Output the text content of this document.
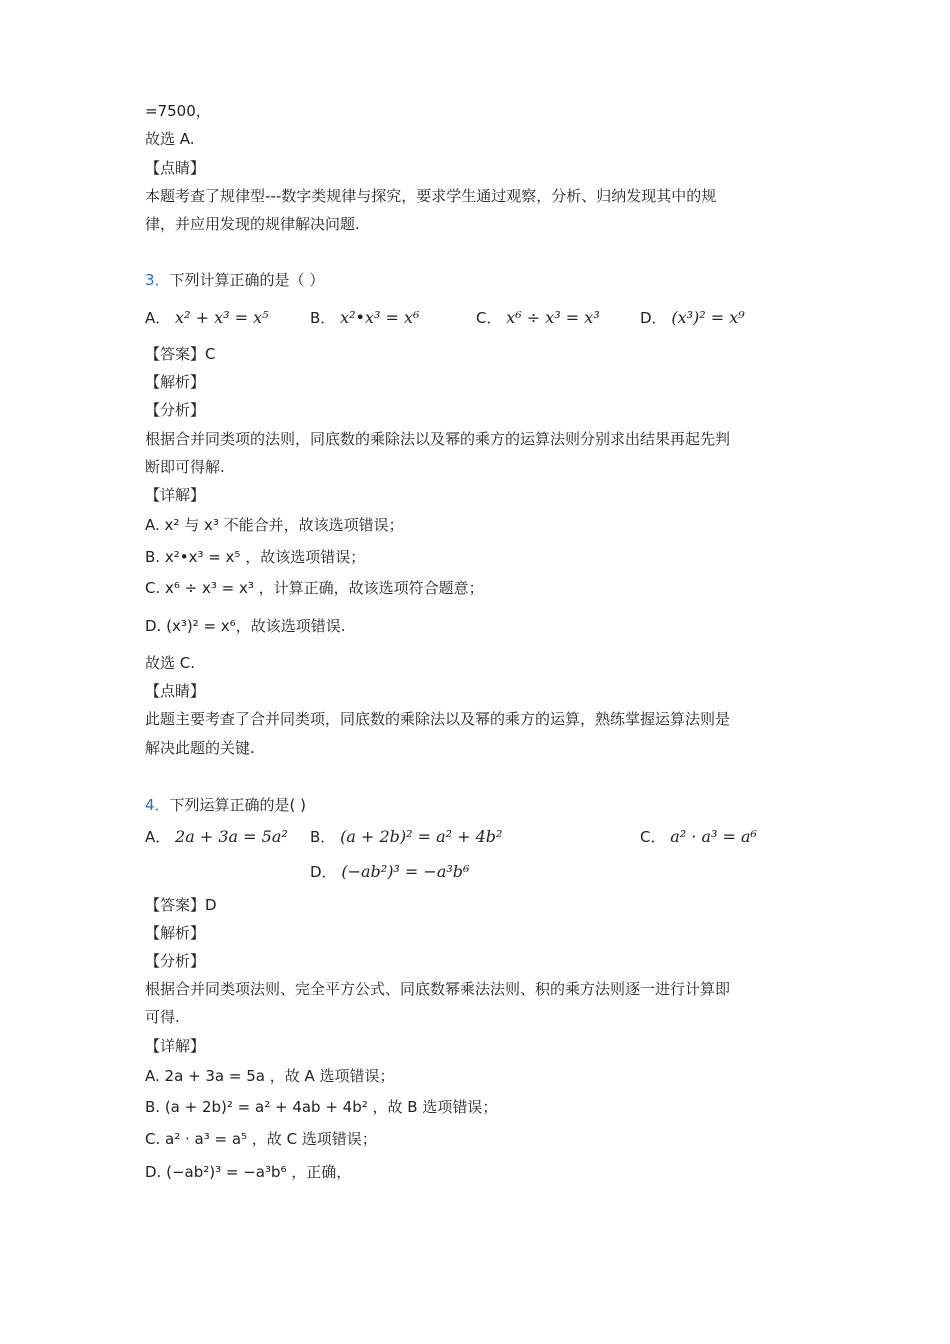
=7500，
故选 A.
【点睛】
本题考查了规律型---数字类规律与探究，要求学生通过观察，分析、归纳发现其中的规
律，并应用发现的规律解决问题.
3．下列计算正确的是（ ）
A． x² + x³ = x⁵	B． x²•x³ = x⁶	C． x⁶ ÷ x³ = x³	D． (x³)² = x⁹
【答案】C
【解析】
【分析】
根据合并同类项的法则，同底数的乘除法以及幂的乘方的运算法则分别求出结果再起先判
断即可得解.
【详解】
A. x² 与 x³ 不能合并，故该选项错误；
B. x²•x³ = x⁵ ，故该选项错误；
C. x⁶ ÷ x³ = x³ ，计算正确，故该选项符合题意；
D. (x³)² = x⁶，故该选项错误.
故选 C.
【点睛】
此题主要考查了合并同类项，同底数的乘除法以及幂的乘方的运算，熟练掌握运算法则是
解决此题的关键.
4．下列运算正确的是( )
A． 2a + 3a = 5a² B． (a + 2b)² = a² + 4b²	C． a² · a³ = a⁶
D． (−ab²)³ = −a³b⁶
【答案】D
【解析】
【分析】
根据合并同类项法则、完全平方公式、同底数幂乘法法则、积的乘方法则逐一进行计算即
可得.
【详解】
A. 2a + 3a = 5a ，故 A 选项错误；
B. (a + 2b)² = a² + 4ab + 4b² ，故 B 选项错误；
C. a² · a³ = a⁵ ，故 C 选项错误；
D. (−ab²)³ = −a³b⁶ ，正确，
